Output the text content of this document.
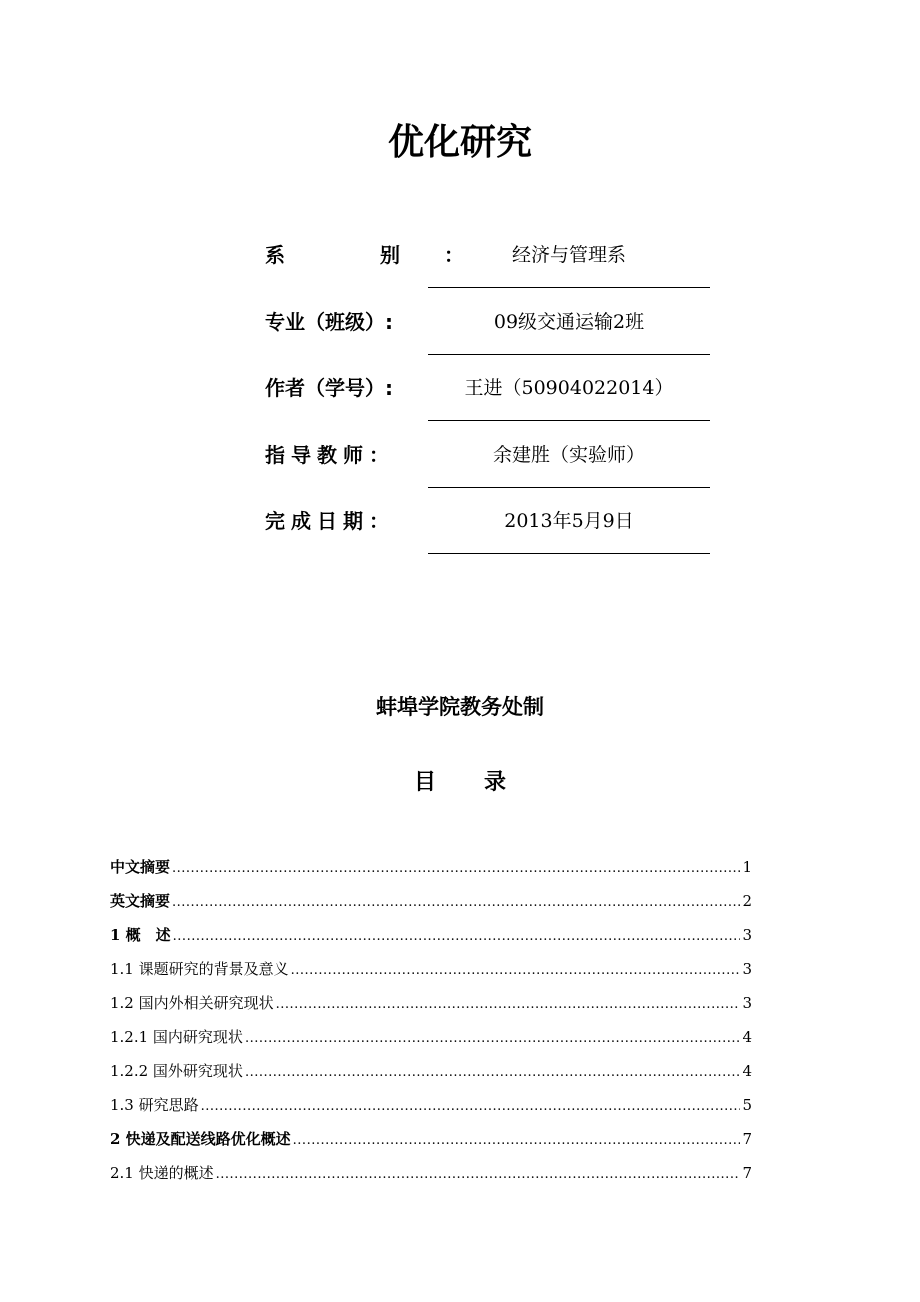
优化研究
系 别： 经济与管理系
专业（班级）:	09级交通运输2班
作者（学号）:	王进（50904022014）
指导教师：	余建胜（实验师）
完成日期：	2013年5月9日
蚌埠学院教务处制
目录
中文摘要 .....	1
英文摘要 .....	2
1 概　述 .....	3
1.1 课题研究的背景及意义 .....	3
1.2 国内外相关研究现状 .....	3
1.2.1 国内研究现状 .....	4
1.2.2 国外研究现状 .....	4
1.3 研究思路 .....	5
2 快递及配送线路优化概述 .....	7
2.1 快递的概述 .....	7
